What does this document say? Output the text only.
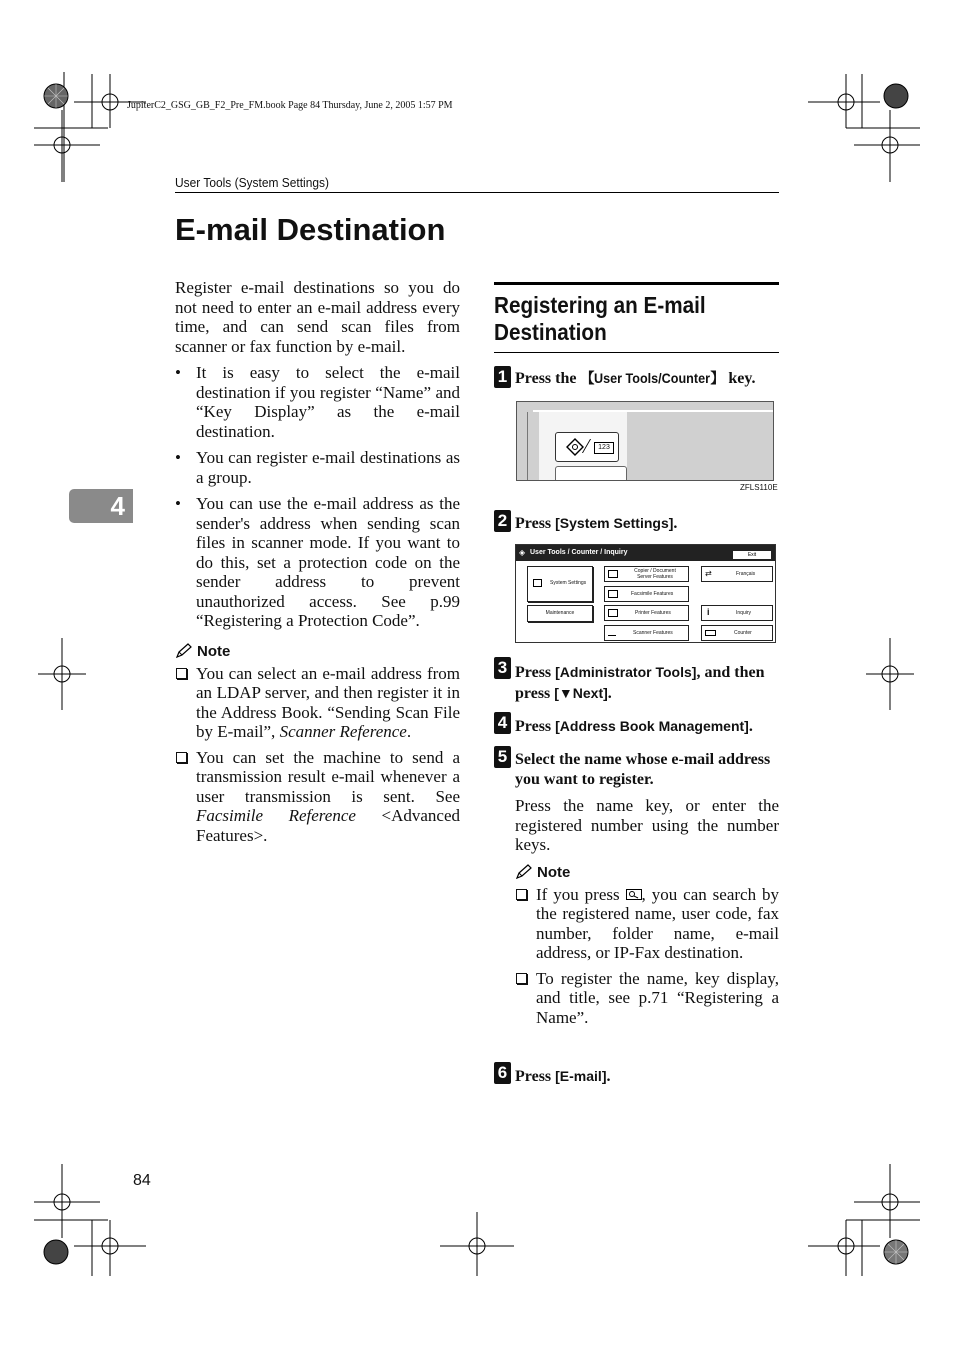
JupiterC2_GSG_GB_F2_Pre_FM.book Page 84 Thursday, June 2, 2005 1:57 PM
User Tools (System Settings)
E-mail Destination
4

Register e-mail destinations so you do not need to enter an e-mail address every time, and can send scan files from scanner or fax function by e-mail.

• It is easy to select the e-mail destination if you register “Name” and “Key Display” as the e-mail destination.
• You can register e-mail destinations as a group.
• You can use the e-mail address as the sender's address when sending scan files in scanner mode. If you want to do this, set a protection code on the sender address to prevent unauthorized access. See p.99 “Registering a Protection Code”.
Note
You can select an e-mail address from an LDAP server, and then register it in the Address Book. “Sending Scan File by E-mail”, Scanner Reference.
You can set the machine to send a transmission result e-mail whenever a user transmission is sent. See Facsimile Reference <Advanced Features>.
Registering an E-mail
Destination
1 Press the 【User Tools/Counter】 key.
123
ZFLS110E
2 Press [System Settings].
◈ User Tools / Counter / Inquiry	Exit
System Settings
Maintenance
Copier / Document Server Features
Facsimile Features
Printer Features
Scanner Features
⇄	Français
i	Inquiry
Counter
3 Press [Administrator Tools], and then press [▼Next].
4 Press [Address Book Management].
5 Select the name whose e-mail address you want to register.

Press the name key, or enter the registered number using the number keys.

Note
If you press , you can search by the registered name, user code, fax number, folder name, e-mail address, or IP-Fax destination.
To register the name, key display, and title, see p.71 “Registering a Name”.
6 Press [E-mail].
84
